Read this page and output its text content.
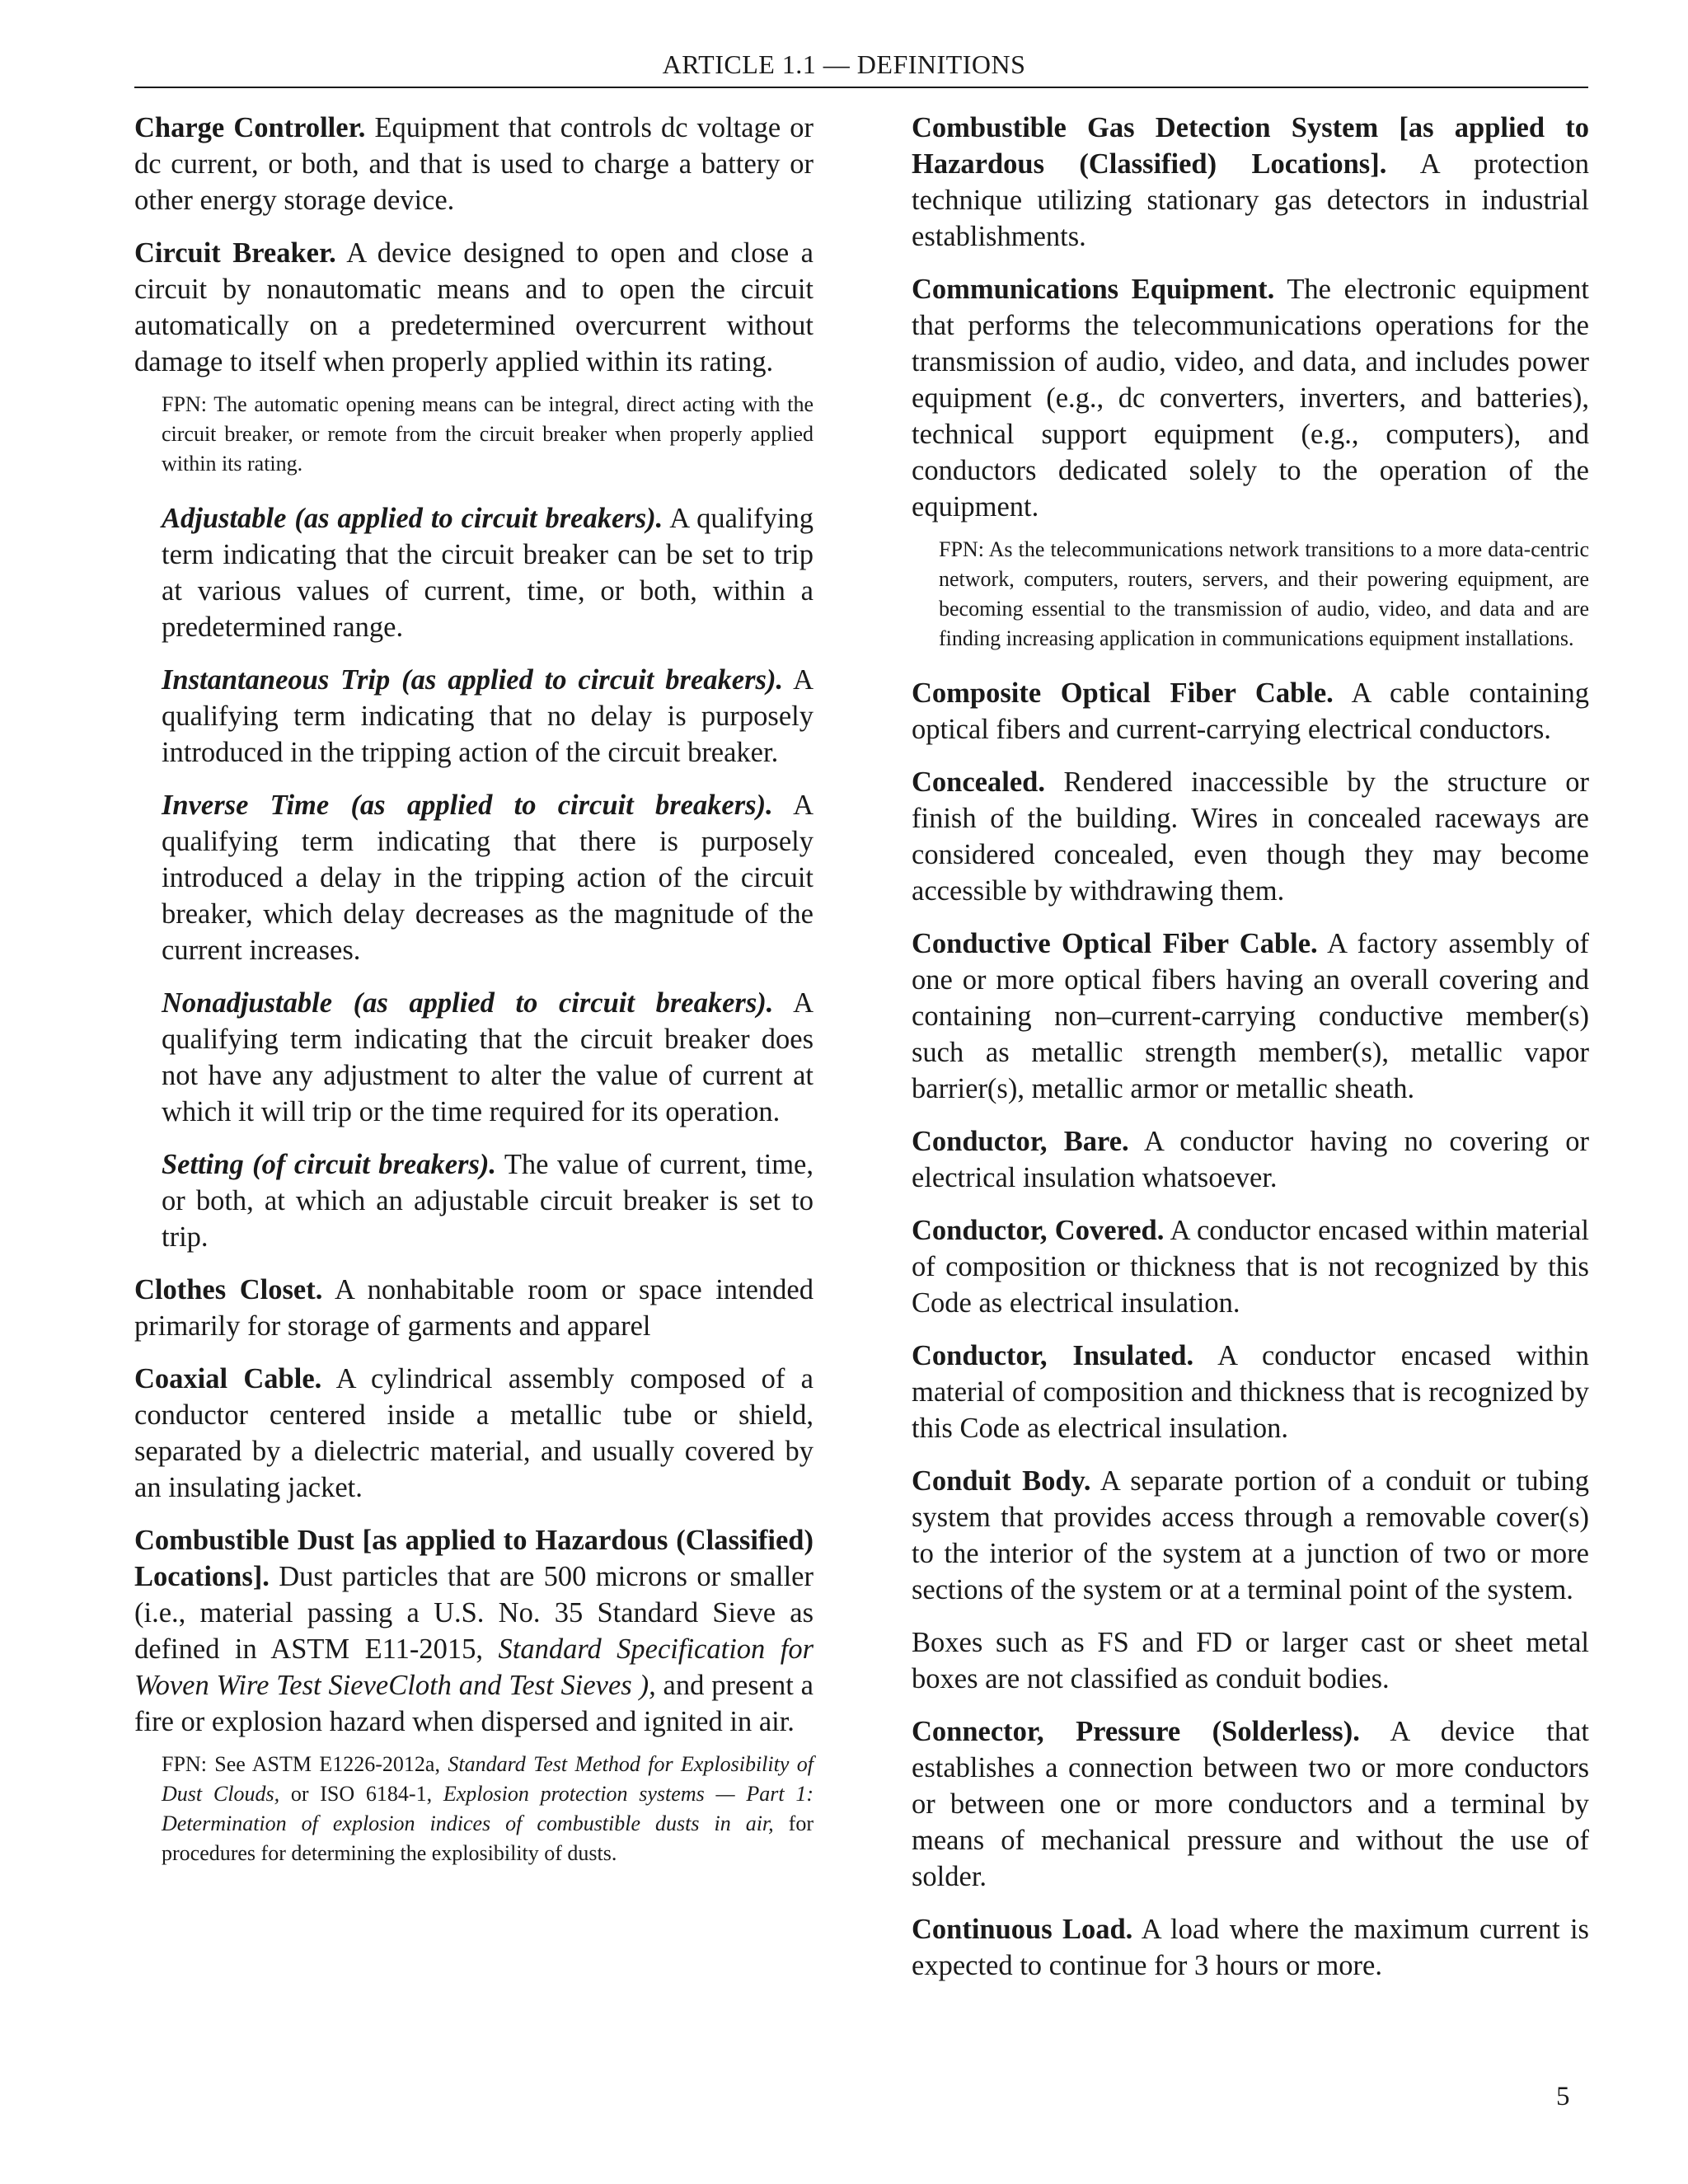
ARTICLE 1.1 — DEFINITIONS

Charge Controller. Equipment that controls dc voltage or dc current, or both, and that is used to charge a battery or other energy storage device.

Circuit Breaker. A device designed to open and close a circuit by nonautomatic means and to open the circuit automatically on a predetermined overcurrent without damage to itself when properly applied within its rating.

FPN: The automatic opening means can be integral, direct acting with the circuit breaker, or remote from the circuit breaker when properly applied within its rating.

Adjustable (as applied to circuit breakers). A qualifying term indicating that the circuit breaker can be set to trip at various values of current, time, or both, within a predetermined range.

Instantaneous Trip (as applied to circuit breakers). A qualifying term indicating that no delay is purposely introduced in the tripping action of the circuit breaker.

Inverse Time (as applied to circuit breakers). A qualifying term indicating that there is purposely introduced a delay in the tripping action of the circuit breaker, which delay decreases as the magnitude of the current increases.

Nonadjustable (as applied to circuit breakers). A qualifying term indicating that the circuit breaker does not have any adjustment to alter the value of current at which it will trip or the time required for its operation.

Setting (of circuit breakers). The value of current, time, or both, at which an adjustable circuit breaker is set to trip.

Clothes Closet. A nonhabitable room or space intended primarily for storage of garments and apparel

Coaxial Cable. A cylindrical assembly composed of a conductor centered inside a metallic tube or shield, separated by a dielectric material, and usually covered by an insulating jacket.

Combustible Dust [as applied to Hazardous (Classified) Locations]. Dust particles that are 500 microns or smaller (i.e., material passing a U.S. No. 35 Standard Sieve as defined in ASTM E11-2015, Standard Specification for Woven Wire Test SieveCloth and Test Sieves ), and present a fire or explosion hazard when dispersed and ignited in air.

FPN: See ASTM E1226-2012a, Standard Test Method for Explosibility of Dust Clouds, or ISO 6184-1, Explosion protection systems — Part 1: Determination of explosion indices of combustible dusts in air, for procedures for determining the explosibility of dusts.

Combustible Gas Detection System [as applied to Hazardous (Classified) Locations]. A protection technique utilizing stationary gas detectors in industrial establishments.

Communications Equipment. The electronic equipment that performs the telecommunications operations for the transmission of audio, video, and data, and includes power equipment (e.g., dc converters, inverters, and batteries), technical support equipment (e.g., computers), and conductors dedicated solely to the operation of the equipment.

FPN: As the telecommunications network transitions to a more data-centric network, computers, routers, servers, and their powering equipment, are becoming essential to the transmission of audio, video, and data and are finding increasing application in communications equipment installations.

Composite Optical Fiber Cable. A cable containing optical fibers and current-carrying electrical conductors.

Concealed. Rendered inaccessible by the structure or finish of the building. Wires in concealed raceways are considered concealed, even though they may become accessible by withdrawing them.

Conductive Optical Fiber Cable. A factory assembly of one or more optical fibers having an overall covering and containing non–current-carrying conductive member(s) such as metallic strength member(s), metallic vapor barrier(s), metallic armor or metallic sheath.

Conductor, Bare. A conductor having no covering or electrical insulation whatsoever.

Conductor, Covered. A conductor encased within material of composition or thickness that is not recognized by this Code as electrical insulation.

Conductor, Insulated. A conductor encased within material of composition and thickness that is recognized by this Code as electrical insulation.

Conduit Body. A separate portion of a conduit or tubing system that provides access through a removable cover(s) to the interior of the system at a junction of two or more sections of the system or at a terminal point of the system.

Boxes such as FS and FD or larger cast or sheet metal boxes are not classified as conduit bodies.

Connector, Pressure (Solderless). A device that establishes a connection between two or more conductors or between one or more conductors and a terminal by means of mechanical pressure and without the use of solder.

Continuous Load. A load where the maximum current is expected to continue for 3 hours or more.

5
